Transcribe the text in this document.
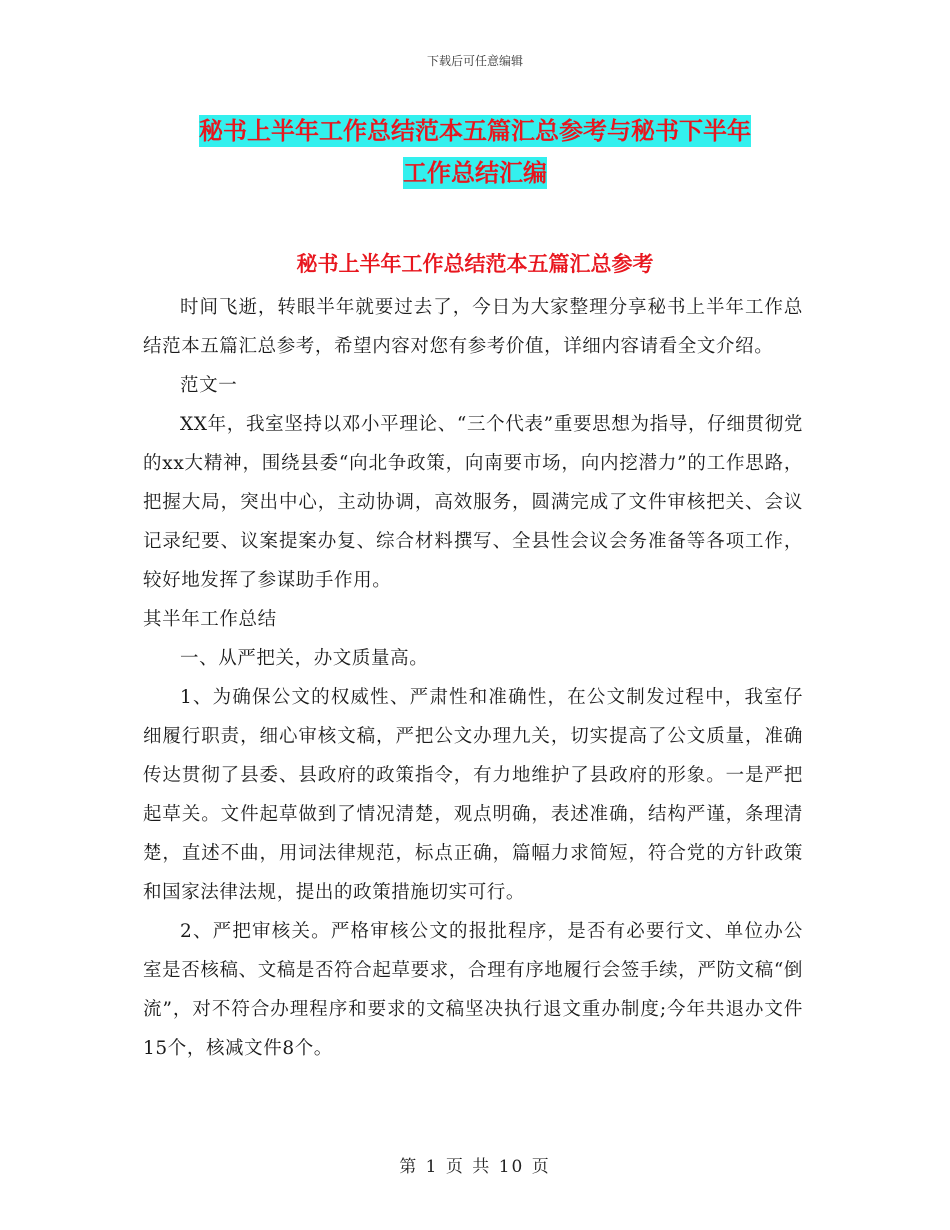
下载后可任意编辑
秘书上半年工作总结范本五篇汇总参考与秘书下半年
工作总结汇编
秘书上半年工作总结范本五篇汇总参考

时间飞逝，转眼半年就要过去了，今日为大家整理分享秘书上半年工作总结范本五篇汇总参考，希望内容对您有参考价值，详细内容请看全文介绍。

范文一

XX年，我室坚持以邓小平理论、“三个代表”重要思想为指导，仔细贯彻党的xx大精神，围绕县委“向北争政策，向南要市场，向内挖潜力”的工作思路，把握大局，突出中心，主动协调，高效服务，圆满完成了文件审核把关、会议记录纪要、议案提案办复、综合材料撰写、全县性会议会务准备等各项工作，较好地发挥了参谋助手作用。

其半年工作总结

一、从严把关，办文质量高。

1、为确保公文的权威性、严肃性和准确性，在公文制发过程中，我室仔细履行职责，细心审核文稿，严把公文办理九关，切实提高了公文质量，准确传达贯彻了县委、县政府的政策指令，有力地维护了县政府的形象。一是严把起草关。文件起草做到了情况清楚，观点明确，表述准确，结构严谨，条理清楚，直述不曲，用词法律规范，标点正确，篇幅力求简短，符合党的方针政策和国家法律法规，提出的政策措施切实可行。

2、严把审核关。严格审核公文的报批程序，是否有必要行文、单位办公室是否核稿、文稿是否符合起草要求，合理有序地履行会签手续，严防文稿“倒流”，对不符合办理程序和要求的文稿坚决执行退文重办制度;今年共退办文件15个，核减文件8个。

第 1 页 共 10 页
